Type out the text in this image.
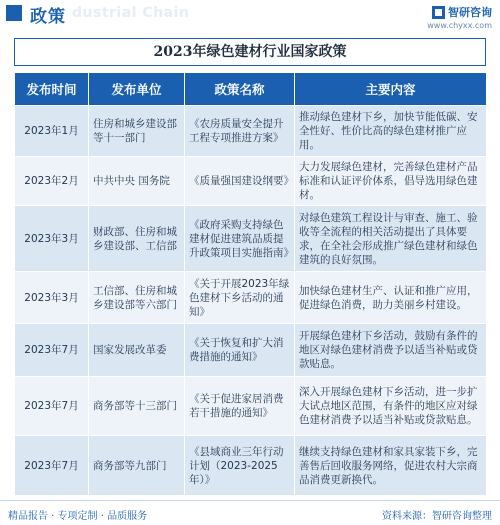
政策 dustrial Chain	智研咨询
www.chyxx.com
2023年绿色建材行业国家政策
发布时间	发布单位	政策名称	主要内容
2023年1月	住房和城乡建设部等十一部门	《农房质量安全提升工程专项推进方案》	推动绿色建材下乡，加快节能低碳、安全性好、性价比高的绿色建材推广应用。
2023年2月	中共中央 国务院	《质量强国建设纲要》	大力发展绿色建材，完善绿色建材产品标准和认证评价体系，倡导选用绿色建材。
2023年3月	财政部、住房和城乡建设部、工信部	《政府采购支持绿色建材促进建筑品质提升政策项目实施指南》	对绿色建筑工程设计与审查、施工、验收等全流程的相关活动提出了具体要求，在全社会形成推广绿色建材和绿色建筑的良好氛围。
2023年3月	工信部、住房和城乡建设部等六部门	《关于开展2023年绿色建材下乡活动的通知》	加快绿色建材生产、认证和推广应用，促进绿色消费，助力美丽乡村建设。
2023年7月	国家发展改革委	《关于恢复和扩大消费措施的通知》	开展绿色建材下乡活动，鼓励有条件的地区对绿色建材消费予以适当补贴或贷款贴息。
2023年7月	商务部等十三部门	《关于促进家居消费若干措施的通知》	深入开展绿色建材下乡活动，进一步扩大试点地区范围，有条件的地区应对绿色建材消费予以适当补贴或贷款贴息。
2023年7月	商务部等九部门	《县域商业三年行动计划（2023-2025年）》	继续支持绿色建材和家具家装下乡，完善售后回收服务网络，促进农村大宗商品消费更新换代。
精品报告 · 专项定制 · 品质服务	资料来源：智研咨询整理
